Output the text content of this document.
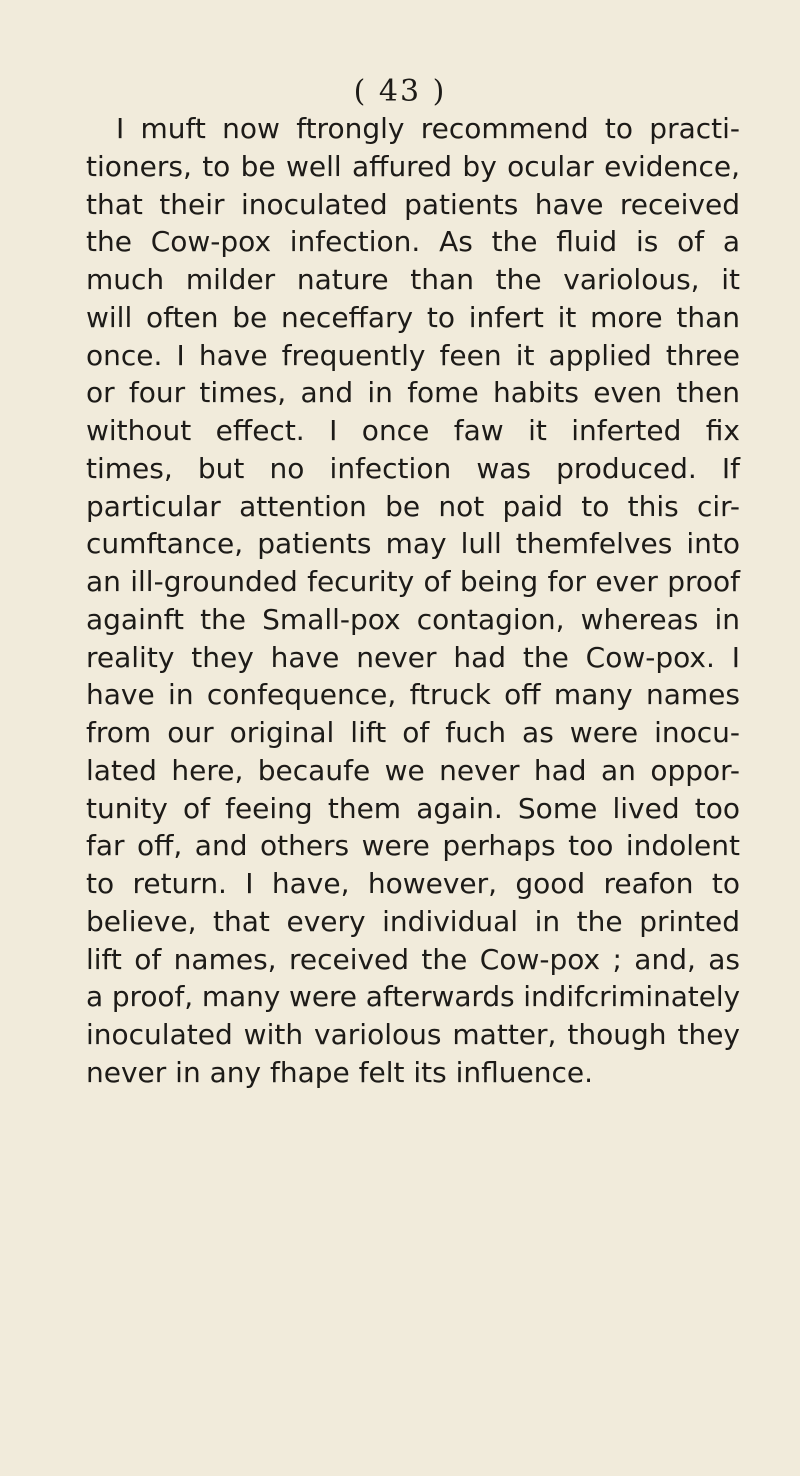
( 43 )
I muft now ftrongly recommend to practi-
tioners, to be well affured by ocular evidence,
that their inoculated patients have received
the Cow-pox infection. As the fluid is of a
much milder nature than the variolous, it
will often be neceffary to infert it more than
once. I have frequently feen it applied three
or four times, and in fome habits even then
without effect. I once faw it inferted fix
times, but no infection was produced. If
particular attention be not paid to this cir-
cumftance, patients may lull themfelves into
an ill-grounded fecurity of being for ever proof
againft the Small-pox contagion, whereas in
reality they have never had the Cow-pox. I
have in confequence, ftruck off many names
from our original lift of fuch as were inocu-
lated here, becaufe we never had an oppor-
tunity of feeing them again. Some lived too
far off, and others were perhaps too indolent
to return. I have, however, good reafon to
believe, that every individual in the printed
lift of names, received the Cow-pox ; and, as
a proof, many were afterwards indifcriminately
inoculated with variolous matter, though they
never in any fhape felt its influence.
